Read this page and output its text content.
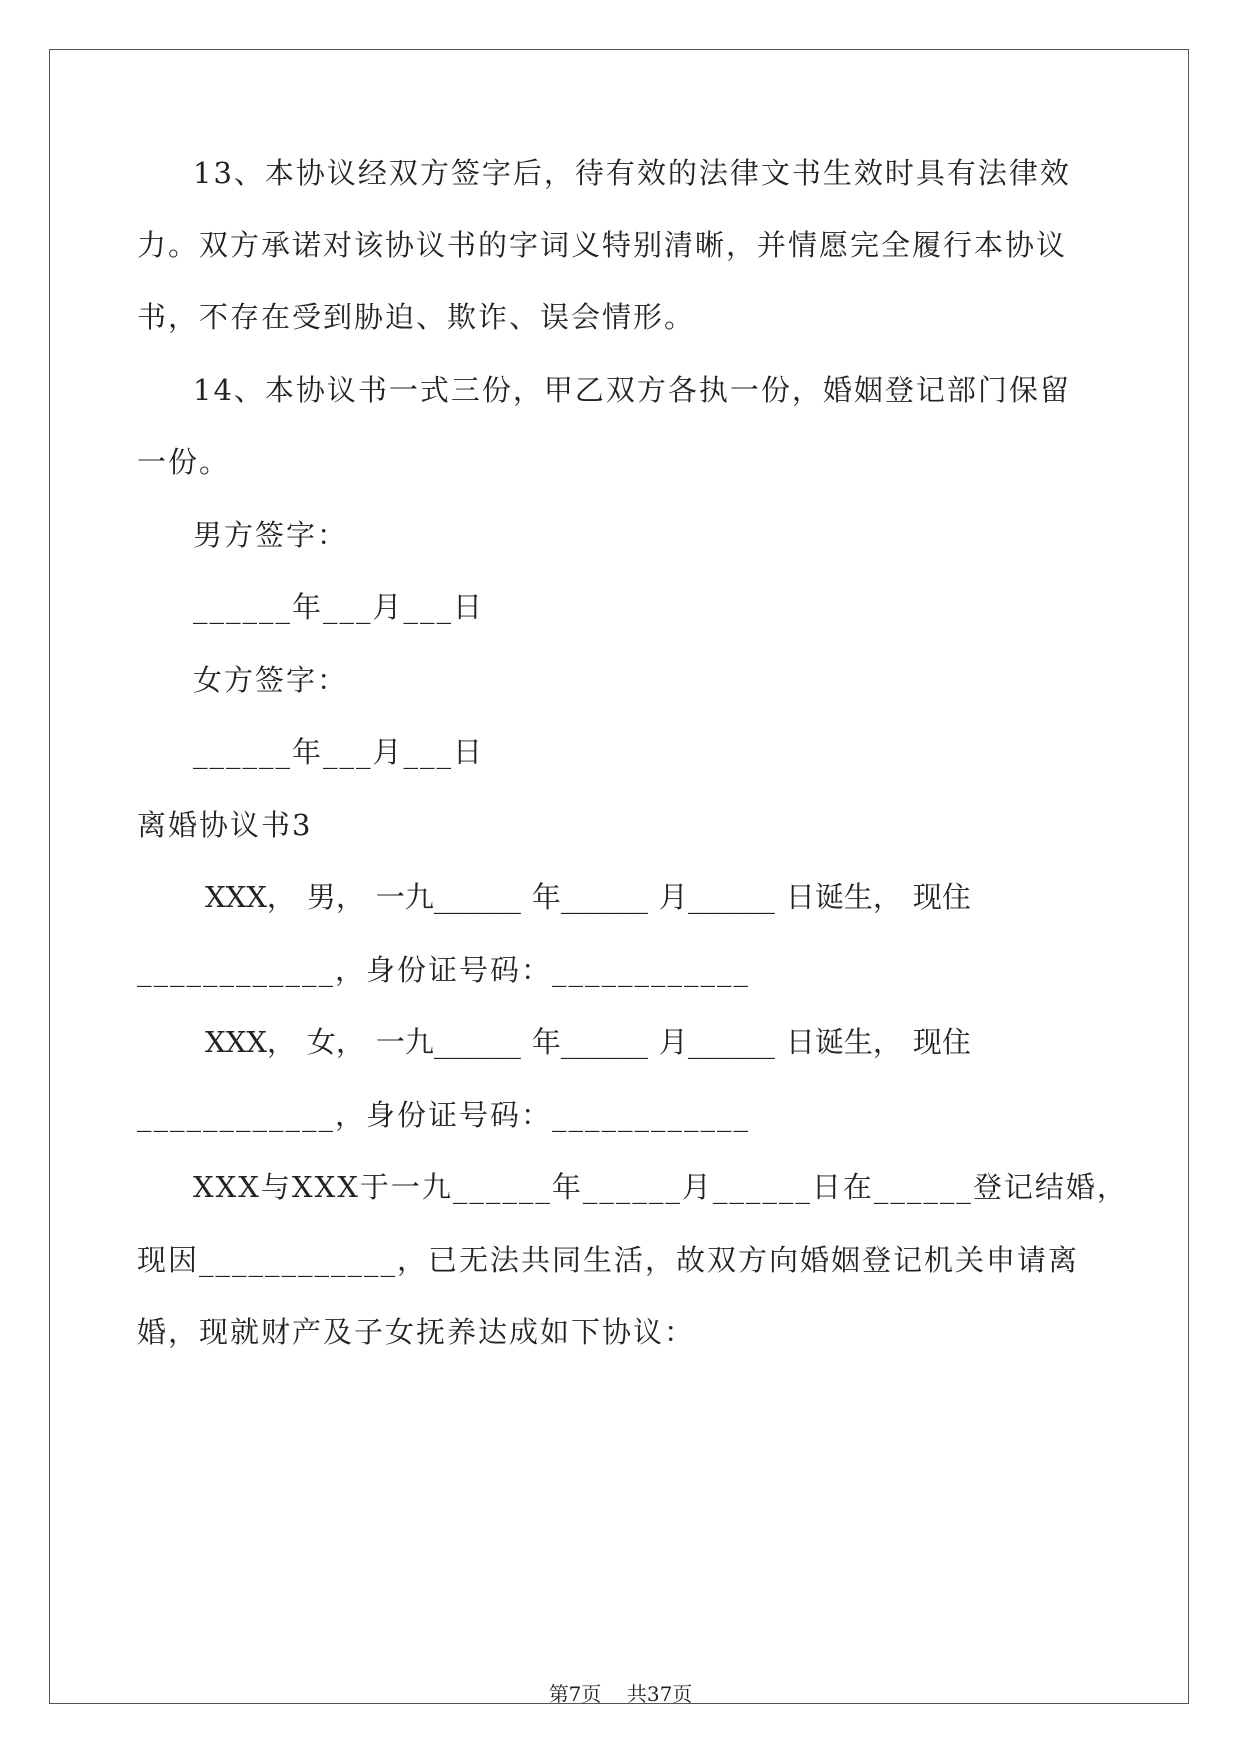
13、本协议经双方签字后，待有效的法律文书生效时具有法律效
力。双方承诺对该协议书的字词义特别清晰，并情愿完全履行本协议
书，不存在受到胁迫、欺诈、误会情形。
14、本协议书一式三份，甲乙双方各执一份，婚姻登记部门保留
一份。
男方签字：
______年___月___日
女方签字：
______年___月___日
离婚协议书3
XXX， 男， 一九______ 年______ 月______ 日诞生， 现住
____________，身份证号码：____________
XXX， 女， 一九______ 年______ 月______ 日诞生， 现住
____________，身份证号码：____________
XXX与XXX于一九______年______月______日在______登记结婚，
现因____________，已无法共同生活，故双方向婚姻登记机关申请离
婚，现就财产及子女抚养达成如下协议：
第7页 共37页
